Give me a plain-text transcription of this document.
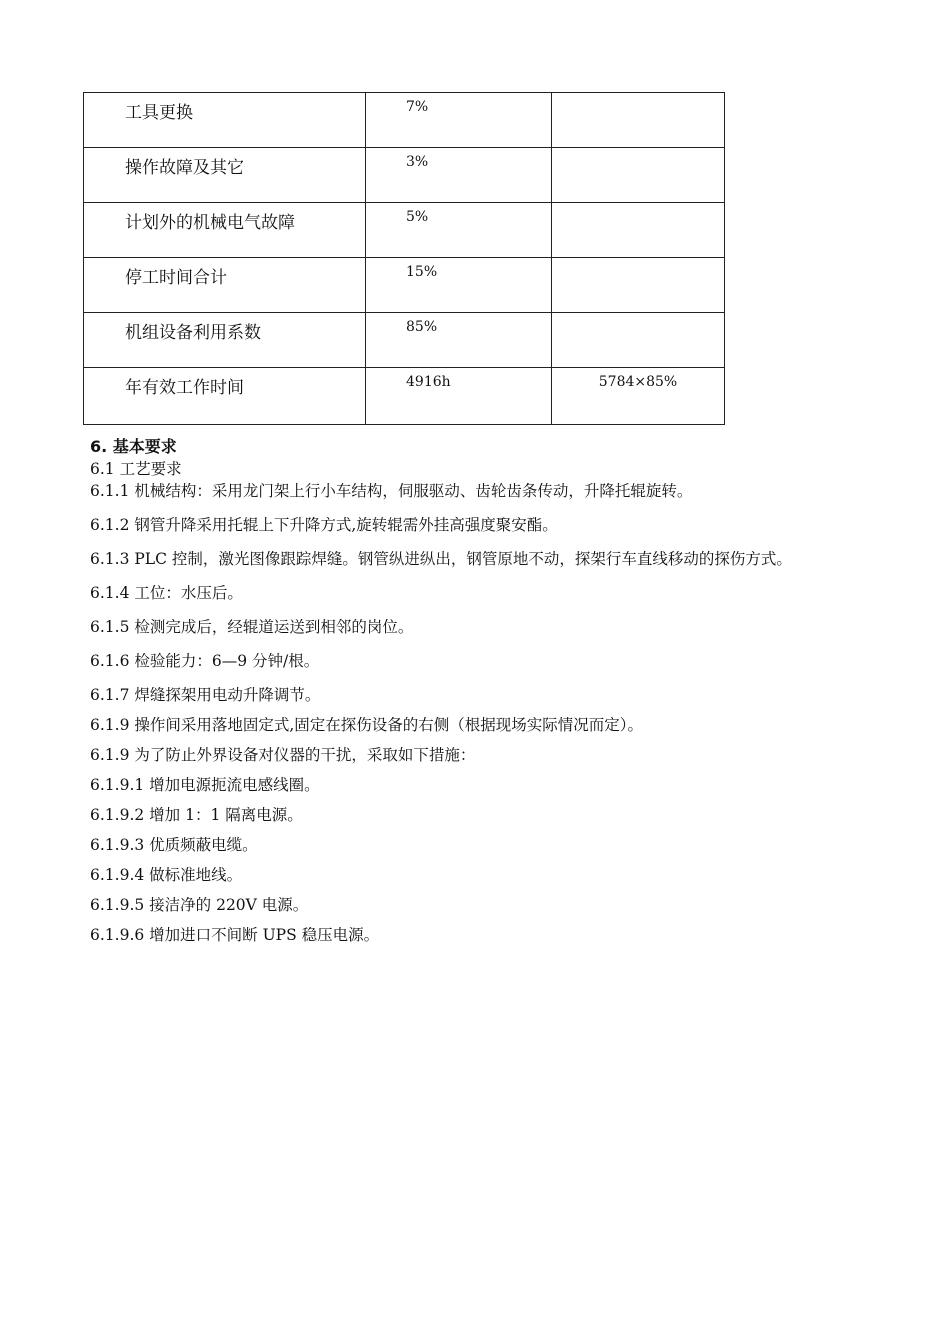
工具更换	7%	
操作故障及其它	3%	
计划外的机械电气故障	5%	
停工时间合计	15%	
机组设备利用系数	85%	
年有效工作时间	4916h	5784×85%
6. 基本要求
6.1 工艺要求
6.1.1 机械结构：采用龙门架上行小车结构，伺服驱动、齿轮齿条传动，升降托辊旋转。
6.1.2 钢管升降采用托辊上下升降方式,旋转辊需外挂高强度聚安酯。
6.1.3 PLC 控制，激光图像跟踪焊缝。钢管纵进纵出，钢管原地不动，探架行车直线移动的探伤方式。
6.1.4 工位：水压后。
6.1.5 检测完成后，经辊道运送到相邻的岗位。
6.1.6 检验能力：6—9 分钟/根。
6.1.7 焊缝探架用电动升降调节。
6.1.9 操作间采用落地固定式,固定在探伤设备的右侧（根据现场实际情况而定）。
6.1.9 为了防止外界设备对仪器的干扰，采取如下措施：
6.1.9.1 增加电源扼流电感线圈。
6.1.9.2 增加 1：1 隔离电源。
6.1.9.3 优质频蔽电缆。
6.1.9.4 做标准地线。
6.1.9.5 接洁净的 220V 电源。
6.1.9.6 增加进口不间断 UPS 稳压电源。
